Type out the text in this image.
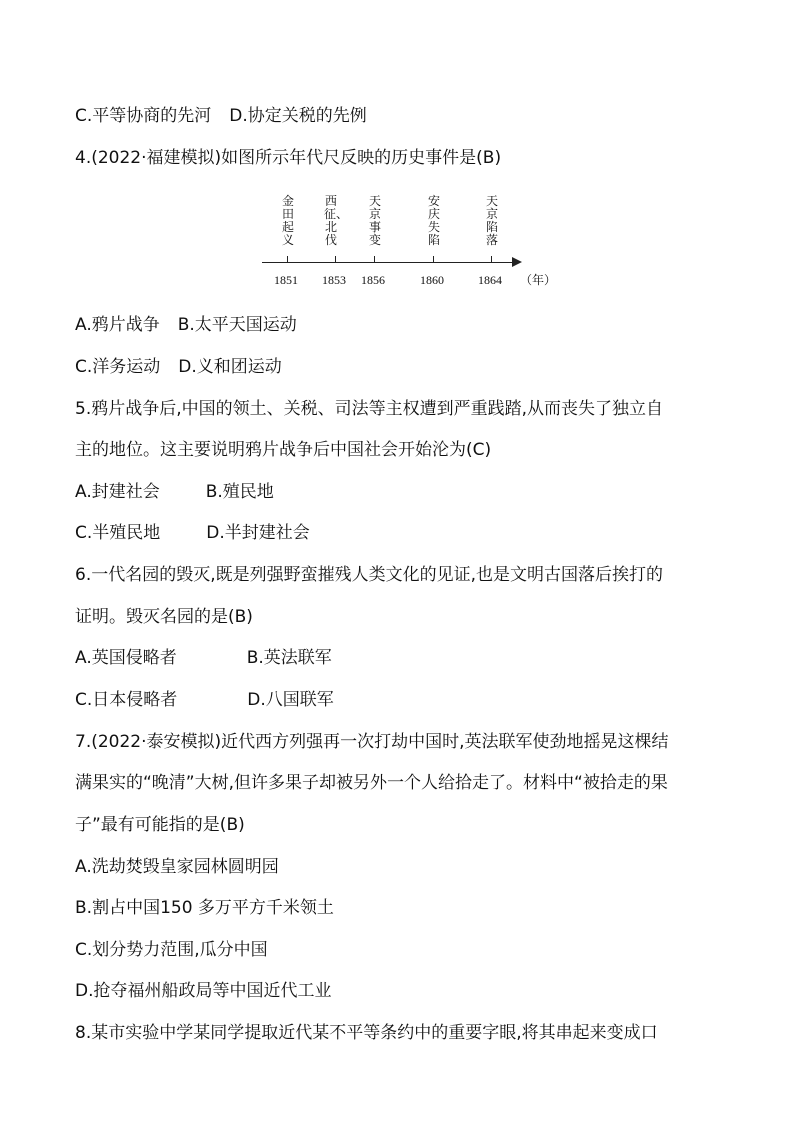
C.平等协商的先河 D.协定关税的先例
4.(2022·福建模拟)如图所示年代尺反映的历史事件是(B)
金田起义
西征、北伐
天京事变
安庆失陷
天京陷落
1851 1853 1856	1860	1864 （年）
A.鸦片战争 B.太平天国运动
C.洋务运动 D.义和团运动
5.鸦片战争后,中国的领土、关税、司法等主权遭到严重践踏,从而丧失了独立自
主的地位。这主要说明鸦片战争后中国社会开始沦为(C)
A.封建社会	B.殖民地
C.半殖民地	D.半封建社会
6.一代名园的毁灭,既是列强野蛮摧残人类文化的见证,也是文明古国落后挨打的
证明。毁灭名园的是(B)
A.英国侵略者	B.英法联军
C.日本侵略者	D.八国联军
7.(2022·泰安模拟)近代西方列强再一次打劫中国时,英法联军使劲地摇晃这棵结
满果实的“晚清”大树,但许多果子却被另外一个人给拾走了。材料中“被拾走的果
子”最有可能指的是(B)
A.洗劫焚毁皇家园林圆明园
B.割占中国150 多万平方千米领土
C.划分势力范围,瓜分中国
D.抢夺福州船政局等中国近代工业
8.某市实验中学某同学提取近代某不平等条约中的重要字眼,将其串起来变成口
